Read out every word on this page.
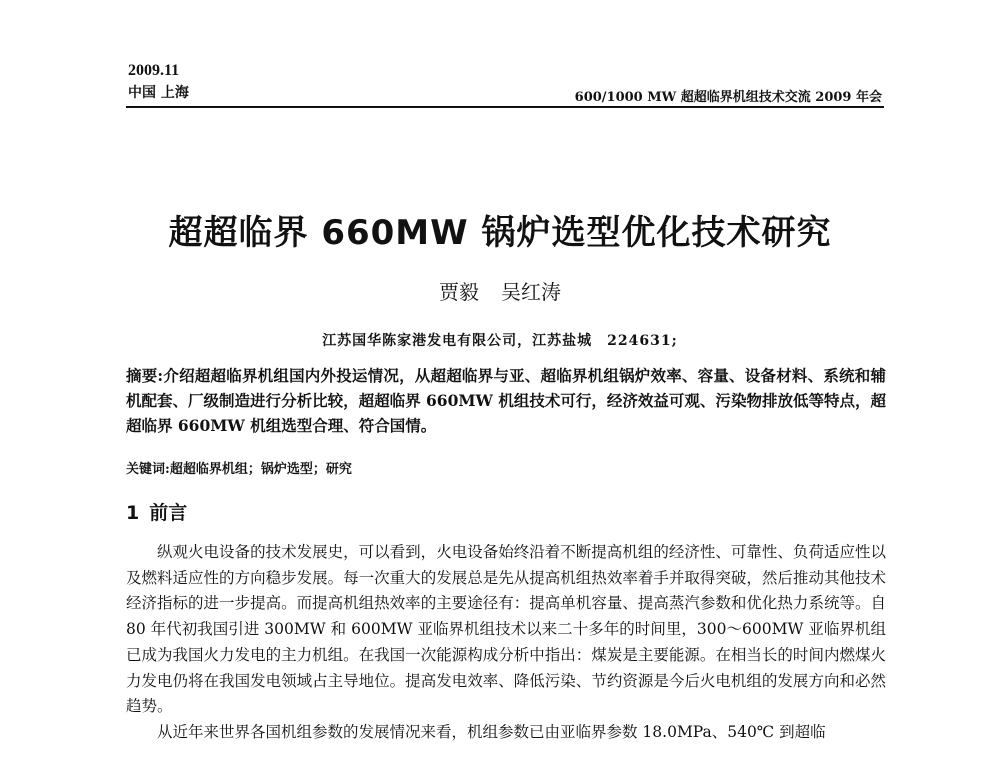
2009.11
中国 上海	600/1000 MW 超超临界机组技术交流 2009 年会
超超临界 660MW 锅炉选型优化技术研究
贾毅 吴红涛
江苏国华陈家港发电有限公司，江苏盐城　224631;
摘要:介绍超超临界机组国内外投运情况，从超超临界与亚、超临界机组锅炉效率、容量、设备材料、系统和辅机配套、厂级制造进行分析比较，超超临界 660MW 机组技术可行，经济效益可观、污染物排放低等特点，超超临界 660MW 机组选型合理、符合国情。
关键词:超超临界机组；锅炉选型；研究
1 前言

纵观火电设备的技术发展史，可以看到，火电设备始终沿着不断提高机组的经济性、可靠性、负荷适应性以及燃料适应性的方向稳步发展。每一次重大的发展总是先从提高机组热效率着手并取得突破，然后推动其他技术经济指标的进一步提高。而提高机组热效率的主要途径有：提高单机容量、提高蒸汽参数和优化热力系统等。自 80 年代初我国引进 300MW 和 600MW 亚临界机组技术以来二十多年的时间里，300～600MW 亚临界机组已成为我国火力发电的主力机组。在我国一次能源构成分析中指出：煤炭是主要能源。在相当长的时间内燃煤火力发电仍将在我国发电领域占主导地位。提高发电效率、降低污染、节约资源是今后火电机组的发展方向和必然趋势。

从近年来世界各国机组参数的发展情况来看，机组参数已由亚临界参数 18.0MPa、540℃ 到超临
